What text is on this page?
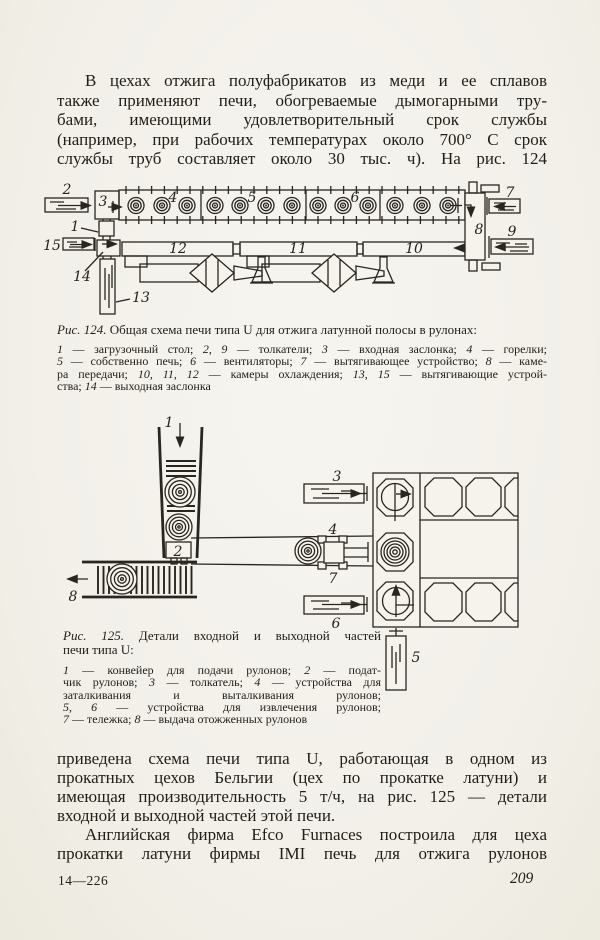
В цехах отжига полуфабрикатов из меди и ее сплавов
также применяют печи, обогреваемые дымогарными тру-
бами, имеющими удовлетворительный срок службы
(например, при рабочих температурах около 700° С срок
службы труб составляет около 30 тыс. ч). На рис. 124
2
3	4	5	6
1
15
14
13
12	11	10
8
7
9
1
2
8
3
4
7
6
5
Рис. 124. Общая схема печи типа U для отжига латунной полосы в рулонах:
1 — загрузочный стол; 2, 9 — толкатели; 3 — входная заслонка; 4 — горелки;
5 — собственно печь; 6 — вентиляторы; 7 — вытягивающее устройство; 8 — каме-
ра передачи; 10, 11, 12 — камеры охлаждения; 13, 15 — вытягивающие устрой-
ства; 14 — выходная заслонка
Рис. 125. Детали входной и выходной частей
печи типа U:
1 — конвейер для подачи рулонов; 2 — подат-
чик рулонов; 3 — толкатель; 4 — устройства для
заталкивания и выталкивания рулонов;
5, 6 — устройства для извлечения рулонов;
7 — тележка; 8 — выдача отожженных рулонов
приведена схема печи типа U, работающая в одном из
прокатных цехов Бельгии (цех по прокатке латуни) и
имеющая производительность 5 т/ч, на рис. 125 — детали
входной и выходной частей этой печи.
Английская фирма Efco Furnaces построила для цеха
прокатки латуни фирмы IMI печь для отжига рулонов
14—226	209
